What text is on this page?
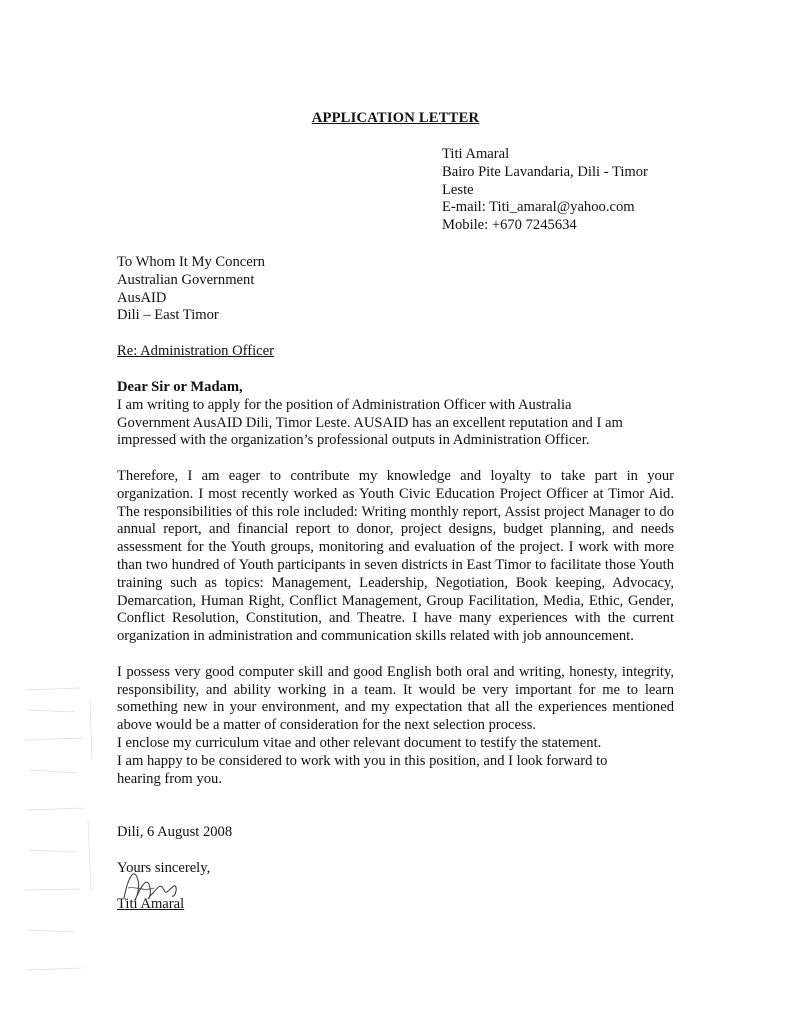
APPLICATION LETTER
Titi Amaral
Bairo Pite Lavandaria, Dili - Timor
Leste
E-mail: Titi_amaral@yahoo.com
Mobile: +670 7245634
To Whom It My Concern
Australian Government
AusAID
Dili – East Timor
Re: Administration Officer

Dear Sir or Madam,

I am writing to apply for the position of Administration Officer with Australia

Government AusAID Dili, Timor Leste. AUSAID has an excellent reputation and I am

impressed with the organization’s professional outputs in Administration Officer.

Therefore, I am eager to contribute my knowledge and loyalty to take part in your organization. I most recently worked as Youth Civic Education Project Officer at Timor Aid. The responsibilities of this role included: Writing monthly report, Assist project Manager to do annual report, and financial report to donor, project designs, budget planning, and needs assessment for the Youth groups, monitoring and evaluation of the project. I work with more than two hundred of Youth participants in seven districts in East Timor to facilitate those Youth training such as topics: Management, Leadership, Negotiation, Book keeping, Advocacy, Demarcation, Human Right, Conflict Management, Group Facilitation, Media, Ethic, Gender, Conflict Resolution, Constitution, and Theatre. I have many experiences with the current organization in administration and communication skills related with job announcement.

I possess very good computer skill and good English both oral and writing, honesty, integrity, responsibility, and ability working in a team. It would be very important for me to learn something new in your environment, and my expectation that all the experiences mentioned above would be a matter of consideration for the next selection process.

I enclose my curriculum vitae and other relevant document to testify the statement.

I am happy to be considered to work with you in this position, and I look forward to

hearing from you.

Dili, 6 August 2008
Yours sincerely,
Titi Amaral
